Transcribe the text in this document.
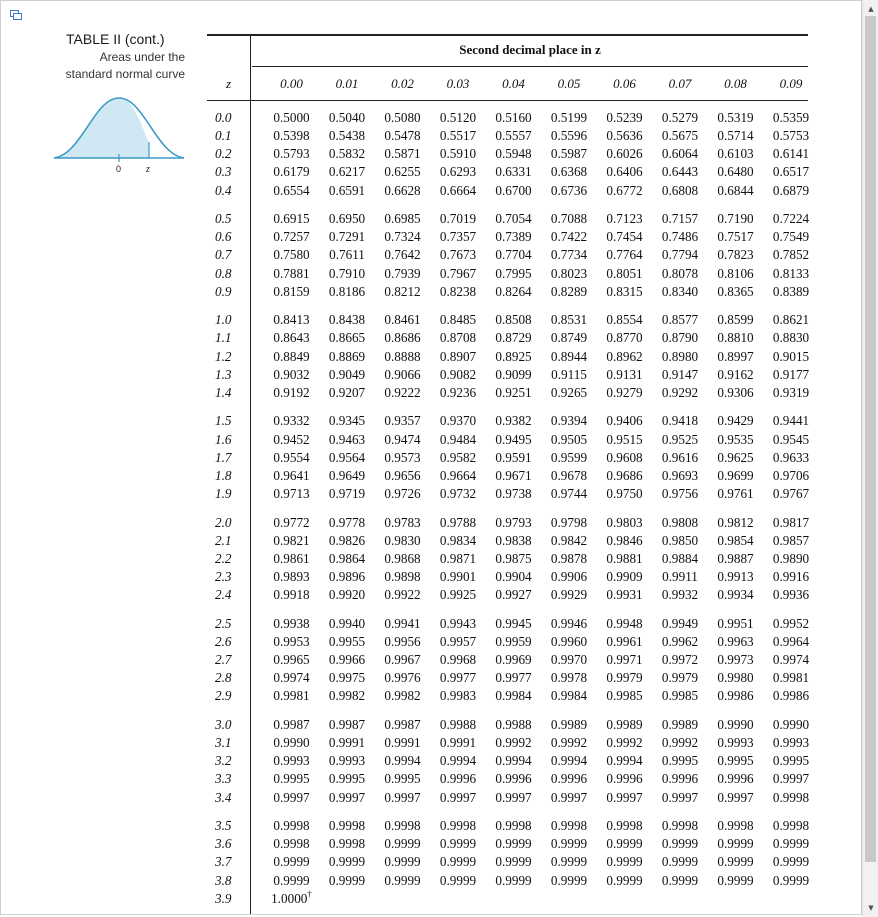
▲
▼
TABLE II (cont.)
Areas under the
standard normal curve
0 z
Second decimal place in z
z	0.00	0.01	0.02	0.03	0.04	0.05	0.06	0.07	0.08	0.09
0.0	0.5000	0.5040	0.5080	0.5120	0.5160	0.5199	0.5239	0.5279	0.5319	0.5359
0.1	0.5398	0.5438	0.5478	0.5517	0.5557	0.5596	0.5636	0.5675	0.5714	0.5753
0.2	0.5793	0.5832	0.5871	0.5910	0.5948	0.5987	0.6026	0.6064	0.6103	0.6141
0.3	0.6179	0.6217	0.6255	0.6293	0.6331	0.6368	0.6406	0.6443	0.6480	0.6517
0.4	0.6554	0.6591	0.6628	0.6664	0.6700	0.6736	0.6772	0.6808	0.6844	0.6879
0.5	0.6915	0.6950	0.6985	0.7019	0.7054	0.7088	0.7123	0.7157	0.7190	0.7224
0.6	0.7257	0.7291	0.7324	0.7357	0.7389	0.7422	0.7454	0.7486	0.7517	0.7549
0.7	0.7580	0.7611	0.7642	0.7673	0.7704	0.7734	0.7764	0.7794	0.7823	0.7852
0.8	0.7881	0.7910	0.7939	0.7967	0.7995	0.8023	0.8051	0.8078	0.8106	0.8133
0.9	0.8159	0.8186	0.8212	0.8238	0.8264	0.8289	0.8315	0.8340	0.8365	0.8389
1.0	0.8413	0.8438	0.8461	0.8485	0.8508	0.8531	0.8554	0.8577	0.8599	0.8621
1.1	0.8643	0.8665	0.8686	0.8708	0.8729	0.8749	0.8770	0.8790	0.8810	0.8830
1.2	0.8849	0.8869	0.8888	0.8907	0.8925	0.8944	0.8962	0.8980	0.8997	0.9015
1.3	0.9032	0.9049	0.9066	0.9082	0.9099	0.9115	0.9131	0.9147	0.9162	0.9177
1.4	0.9192	0.9207	0.9222	0.9236	0.9251	0.9265	0.9279	0.9292	0.9306	0.9319
1.5	0.9332	0.9345	0.9357	0.9370	0.9382	0.9394	0.9406	0.9418	0.9429	0.9441
1.6	0.9452	0.9463	0.9474	0.9484	0.9495	0.9505	0.9515	0.9525	0.9535	0.9545
1.7	0.9554	0.9564	0.9573	0.9582	0.9591	0.9599	0.9608	0.9616	0.9625	0.9633
1.8	0.9641	0.9649	0.9656	0.9664	0.9671	0.9678	0.9686	0.9693	0.9699	0.9706
1.9	0.9713	0.9719	0.9726	0.9732	0.9738	0.9744	0.9750	0.9756	0.9761	0.9767
2.0	0.9772	0.9778	0.9783	0.9788	0.9793	0.9798	0.9803	0.9808	0.9812	0.9817
2.1	0.9821	0.9826	0.9830	0.9834	0.9838	0.9842	0.9846	0.9850	0.9854	0.9857
2.2	0.9861	0.9864	0.9868	0.9871	0.9875	0.9878	0.9881	0.9884	0.9887	0.9890
2.3	0.9893	0.9896	0.9898	0.9901	0.9904	0.9906	0.9909	0.9911	0.9913	0.9916
2.4	0.9918	0.9920	0.9922	0.9925	0.9927	0.9929	0.9931	0.9932	0.9934	0.9936
2.5	0.9938	0.9940	0.9941	0.9943	0.9945	0.9946	0.9948	0.9949	0.9951	0.9952
2.6	0.9953	0.9955	0.9956	0.9957	0.9959	0.9960	0.9961	0.9962	0.9963	0.9964
2.7	0.9965	0.9966	0.9967	0.9968	0.9969	0.9970	0.9971	0.9972	0.9973	0.9974
2.8	0.9974	0.9975	0.9976	0.9977	0.9977	0.9978	0.9979	0.9979	0.9980	0.9981
2.9	0.9981	0.9982	0.9982	0.9983	0.9984	0.9984	0.9985	0.9985	0.9986	0.9986
3.0	0.9987	0.9987	0.9987	0.9988	0.9988	0.9989	0.9989	0.9989	0.9990	0.9990
3.1	0.9990	0.9991	0.9991	0.9991	0.9992	0.9992	0.9992	0.9992	0.9993	0.9993
3.2	0.9993	0.9993	0.9994	0.9994	0.9994	0.9994	0.9994	0.9995	0.9995	0.9995
3.3	0.9995	0.9995	0.9995	0.9996	0.9996	0.9996	0.9996	0.9996	0.9996	0.9997
3.4	0.9997	0.9997	0.9997	0.9997	0.9997	0.9997	0.9997	0.9997	0.9997	0.9998
3.5	0.9998	0.9998	0.9998	0.9998	0.9998	0.9998	0.9998	0.9998	0.9998	0.9998
3.6	0.9998	0.9998	0.9999	0.9999	0.9999	0.9999	0.9999	0.9999	0.9999	0.9999
3.7	0.9999	0.9999	0.9999	0.9999	0.9999	0.9999	0.9999	0.9999	0.9999	0.9999
3.8	0.9999	0.9999	0.9999	0.9999	0.9999	0.9999	0.9999	0.9999	0.9999	0.9999
3.9	1.0000†
